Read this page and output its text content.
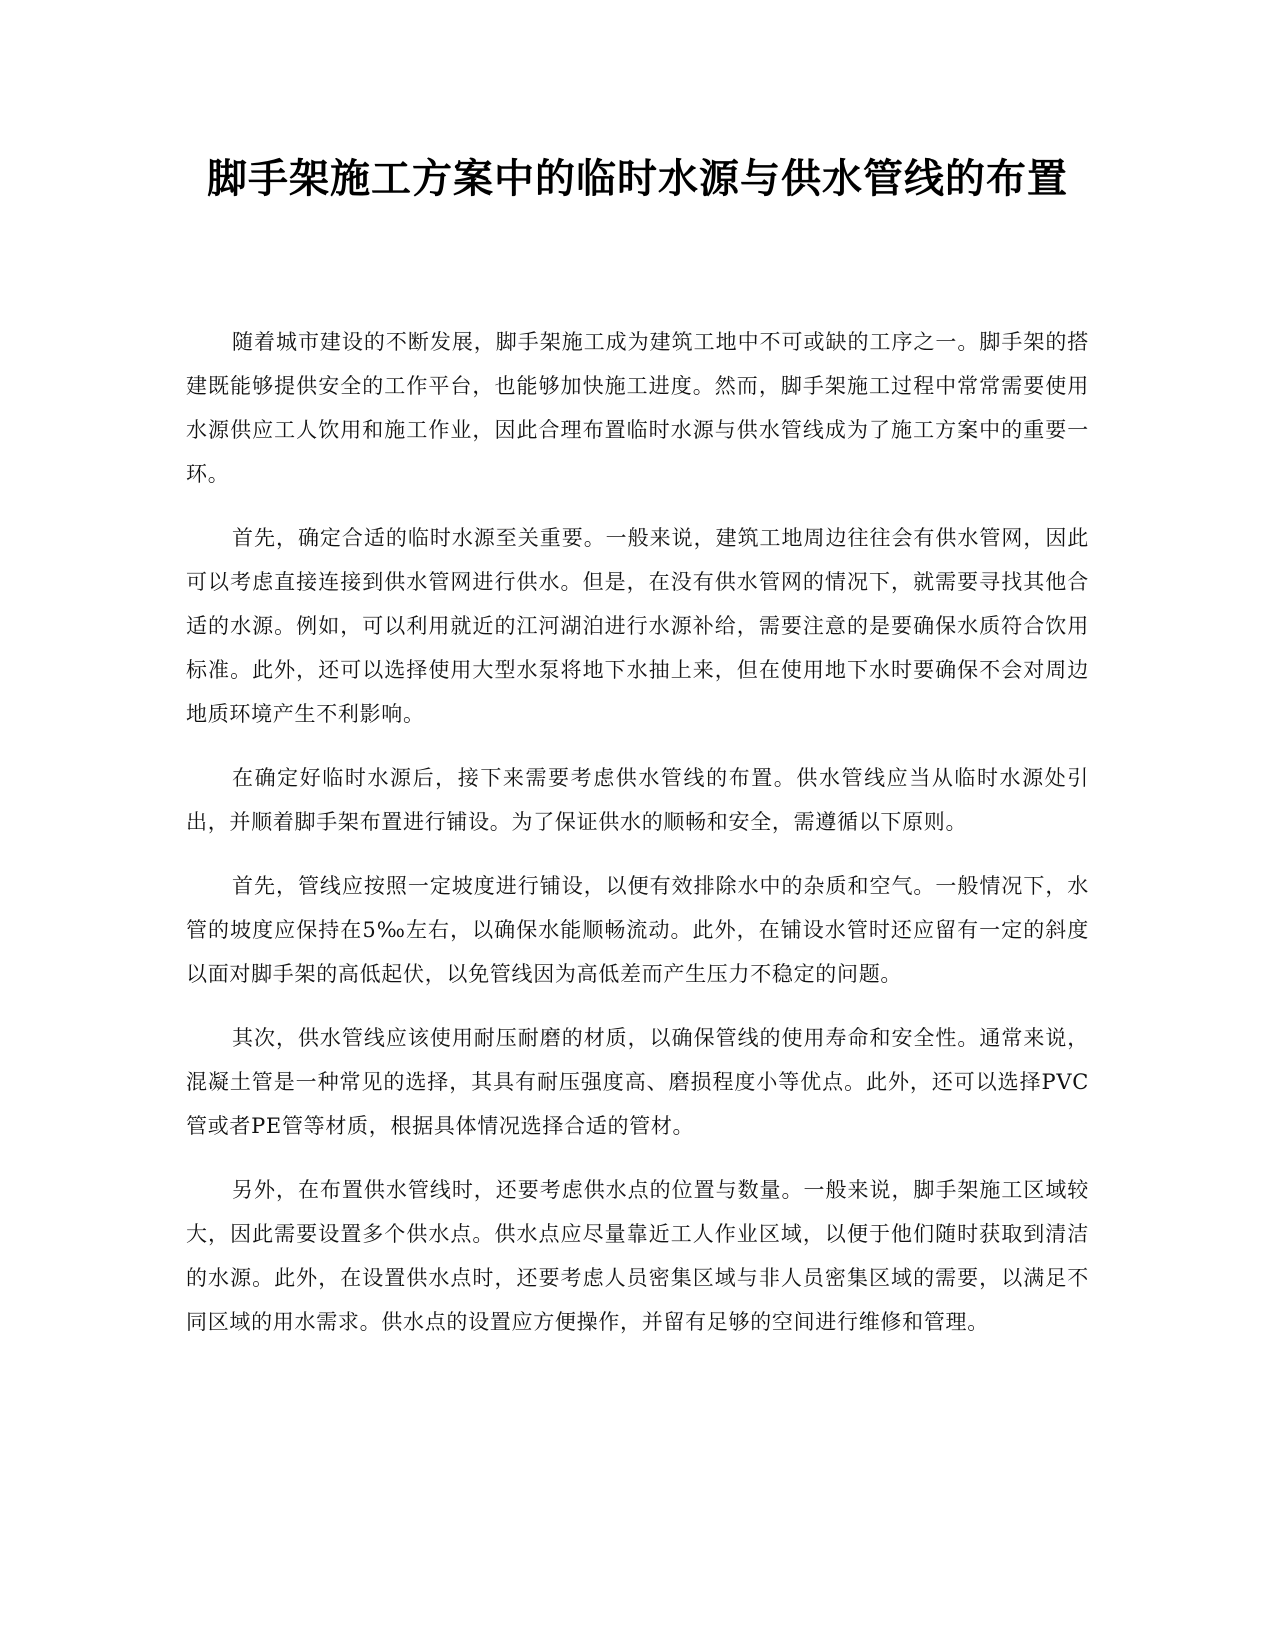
脚手架施工方案中的临时水源与供水管线的布置

随着城市建设的不断发展，脚手架施工成为建筑工地中不可或缺的工序之一。脚手架的搭建既能够提供安全的工作平台，也能够加快施工进度。然而，脚手架施工过程中常常需要使用水源供应工人饮用和施工作业，因此合理布置临时水源与供水管线成为了施工方案中的重要一环。

首先，确定合适的临时水源至关重要。一般来说，建筑工地周边往往会有供水管网，因此可以考虑直接连接到供水管网进行供水。但是，在没有供水管网的情况下，就需要寻找其他合适的水源。例如，可以利用就近的江河湖泊进行水源补给，需要注意的是要确保水质符合饮用标准。此外，还可以选择使用大型水泵将地下水抽上来，但在使用地下水时要确保不会对周边地质环境产生不利影响。

在确定好临时水源后，接下来需要考虑供水管线的布置。供水管线应当从临时水源处引出，并顺着脚手架布置进行铺设。为了保证供水的顺畅和安全，需遵循以下原则。

首先，管线应按照一定坡度进行铺设，以便有效排除水中的杂质和空气。一般情况下，水管的坡度应保持在5‰左右，以确保水能顺畅流动。此外，在铺设水管时还应留有一定的斜度以面对脚手架的高低起伏，以免管线因为高低差而产生压力不稳定的问题。

其次，供水管线应该使用耐压耐磨的材质，以确保管线的使用寿命和安全性。通常来说，混凝土管是一种常见的选择，其具有耐压强度高、磨损程度小等优点。此外，还可以选择PVC管或者PE管等材质，根据具体情况选择合适的管材。

另外，在布置供水管线时，还要考虑供水点的位置与数量。一般来说，脚手架施工区域较大，因此需要设置多个供水点。供水点应尽量靠近工人作业区域，以便于他们随时获取到清洁的水源。此外，在设置供水点时，还要考虑人员密集区域与非人员密集区域的需要，以满足不同区域的用水需求。供水点的设置应方便操作，并留有足够的空间进行维修和管理。
